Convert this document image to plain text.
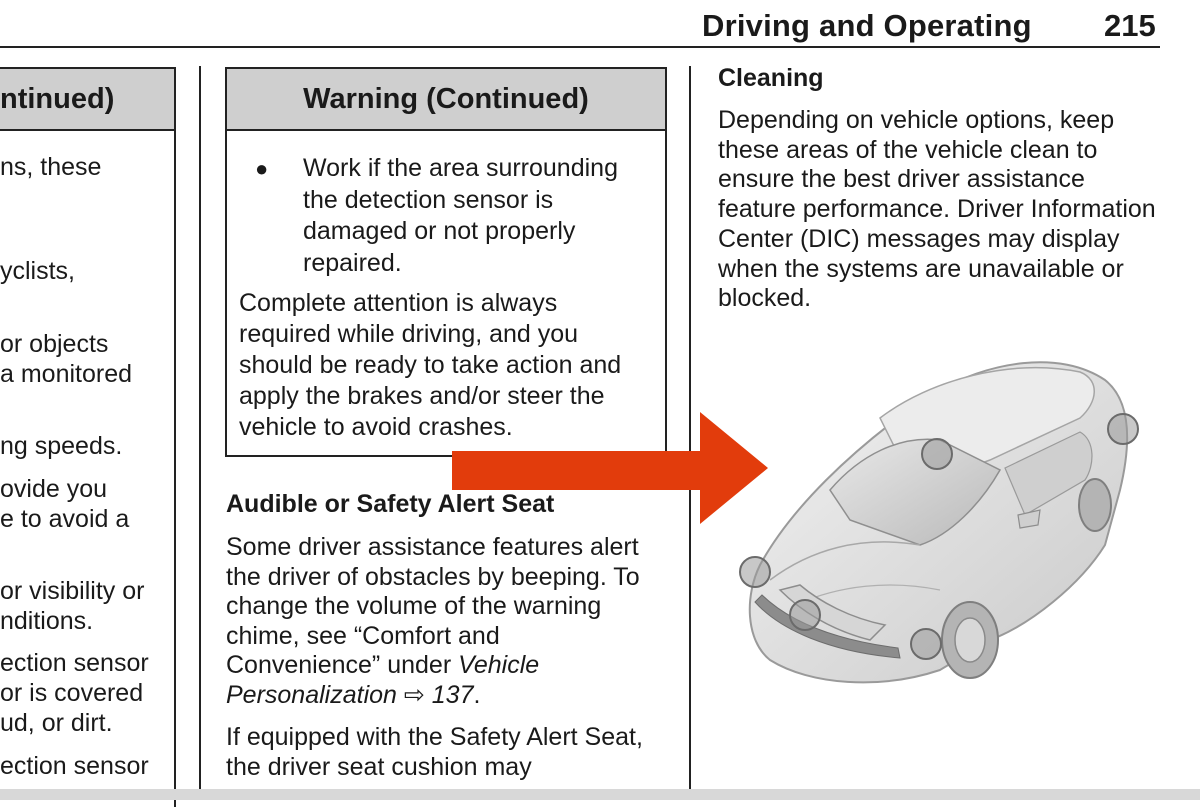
Driving and Operating 215
ntinued)
ns, these
yclists,
or objects
a monitored
ng speeds.
ovide you
e to avoid a
or visibility or
nditions.
ection sensor
or is covered
ud, or dirt.
ection sensor
Warning (Continued)
●	Work if the area surrounding the detection sensor is damaged or not properly repaired.
Complete attention is always required while driving, and you should be ready to take action and apply the brakes and/or steer the vehicle to avoid crashes.
Audible or Safety Alert Seat
Some driver assistance features alert the driver of obstacles by beeping. To change the volume of the warning chime, see “Comfort and Convenience” under Vehicle Personalization ⇨ 137.
If equipped with the Safety Alert Seat, the driver seat cushion may
Cleaning
Depending on vehicle options, keep these areas of the vehicle clean to ensure the best driver assistance feature performance. Driver Information Center (DIC) messages may display when the systems are unavailable or blocked.
